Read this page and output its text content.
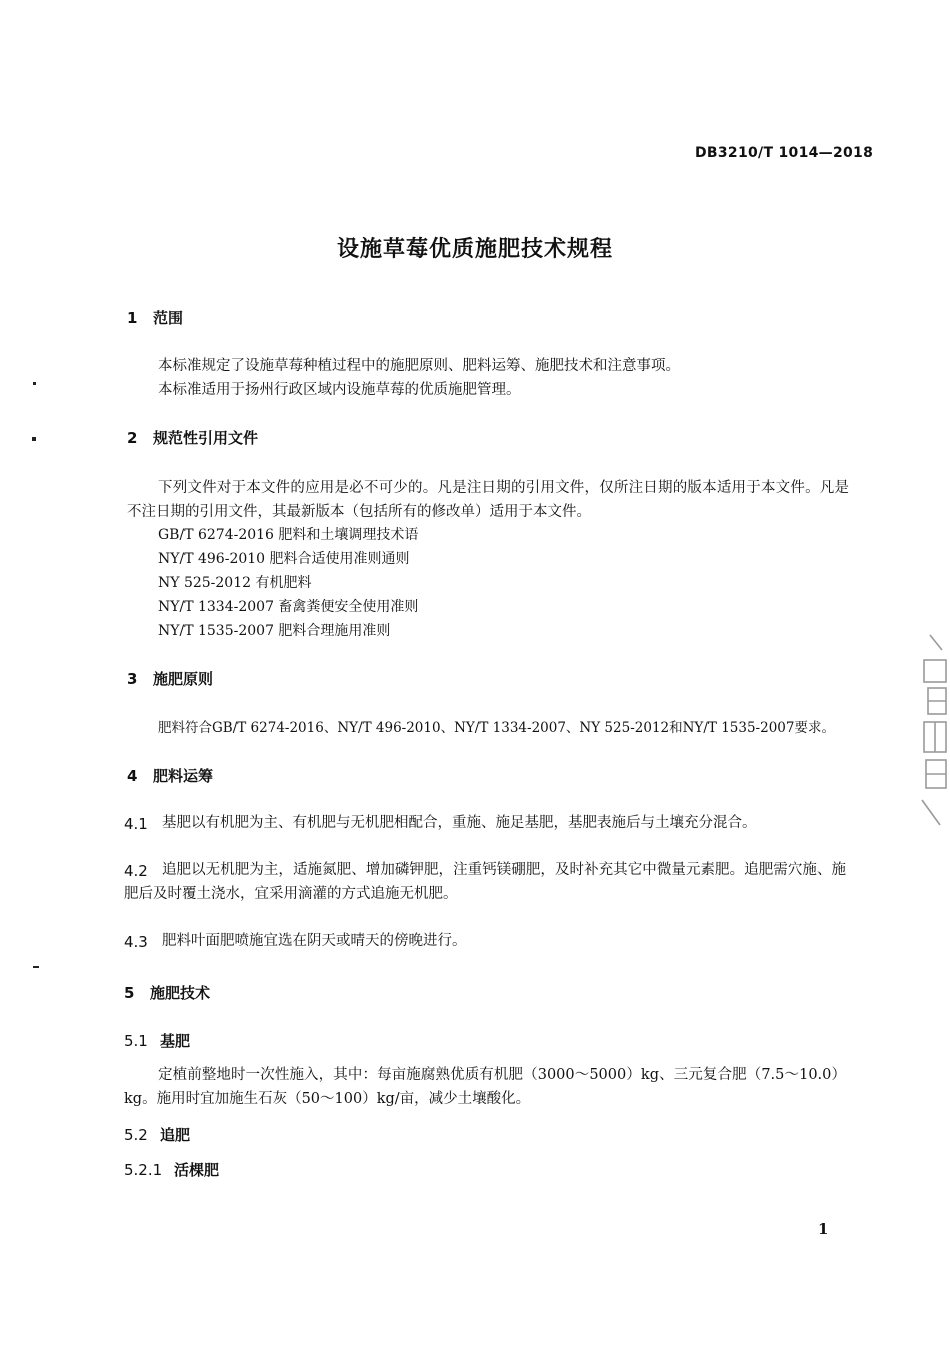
DB3210/T 1014—2018
设施草莓优质施肥技术规程
1 范围
本标准规定了设施草莓种植过程中的施肥原则、肥料运筹、施肥技术和注意事项。
本标准适用于扬州行政区域内设施草莓的优质施肥管理。
2 规范性引用文件
下列文件对于本文件的应用是必不可少的。凡是注日期的引用文件，仅所注日期的版本适用于本文件。凡是不注日期的引用文件，其最新版本（包括所有的修改单）适用于本文件。
GB/T 6274-2016 肥料和土壤调理技术语
NY/T 496-2010 肥料合适使用准则通则
NY 525-2012 有机肥料
NY/T 1334-2007 畜禽粪便安全使用准则
NY/T 1535-2007 肥料合理施用准则
3 施肥原则
肥料符合GB/T 6274-2016、NY/T 496-2010、NY/T 1334-2007、NY 525-2012和NY/T 1535-2007要求。
4 肥料运筹
4.1 基肥以有机肥为主、有机肥与无机肥相配合，重施、施足基肥，基肥表施后与土壤充分混合。
4.2 追肥以无机肥为主，适施氮肥、增加磷钾肥，注重钙镁硼肥，及时补充其它中微量元素肥。追肥需穴施、施肥后及时覆土浇水，宜采用滴灌的方式追施无机肥。
4.3 肥料叶面肥喷施宜选在阴天或晴天的傍晚进行。
5 施肥技术
5.1 基肥
定植前整地时一次性施入，其中：每亩施腐熟优质有机肥（3000～5000）kg、三元复合肥（7.5～10.0）kg。施用时宜加施生石灰（50～100）kg/亩，减少土壤酸化。
5.2 追肥
5.2.1 活棵肥
1
